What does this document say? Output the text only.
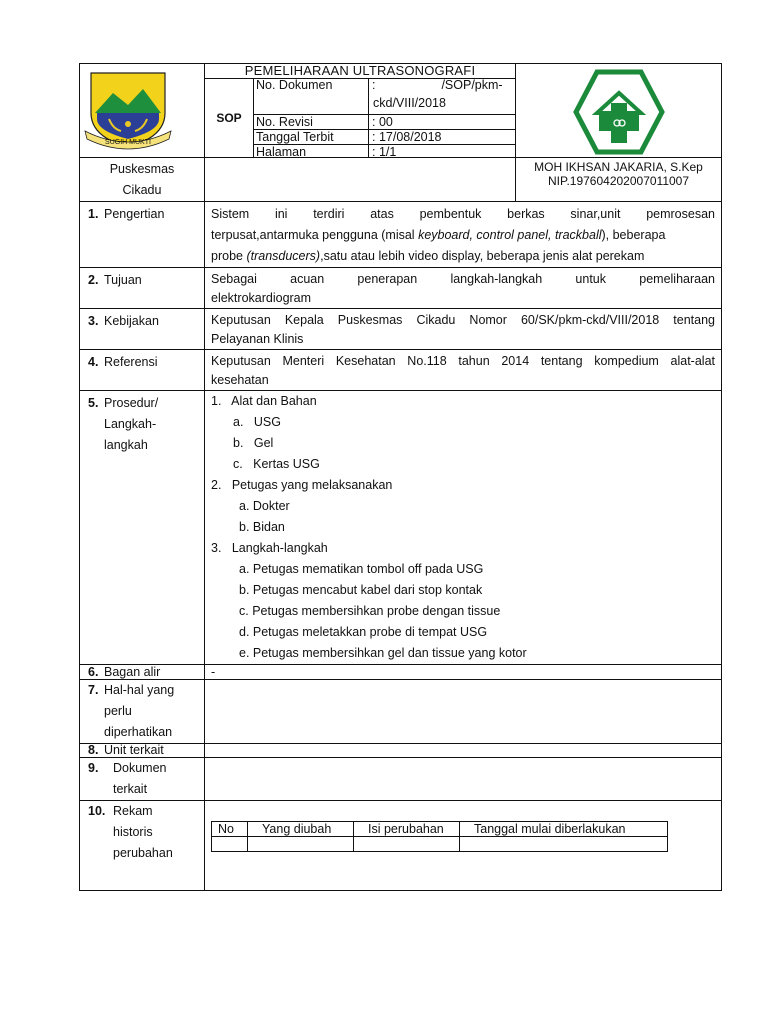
SUGIH MUKTI

PEMELIHARAAN ULTRASONOGRAFI
SOP
No. Dokumen	:                   /SOP/pkm-
ckd/VIII/2018
No. Revisi	: 00
Tanggal Terbit	: 17/08/2018
Halaman	: 1/1

Puskesmas
Cikadu

MOH IKHSAN JAKARIA, S.Kep
NIP.197604202007011007

1. Pengertian	Sistem ini terdiri atas pembentuk berkas sinar,unit pemrosesan
terpusat,antarmuka pengguna (misal keyboard, control panel, trackball), beberapa
probe (transducers),satu atau lebih video display, beberapa jenis alat perekam

2. Tujuan	Sebagai acuan penerapan langkah-langkah untuk pemeliharaan
elektrokardiogram

3. Kebijakan	Keputusan Kepala Puskesmas Cikadu Nomor 60/SK/pkm-ckd/VIII/2018 tentang
Pelayanan Klinis

4. Referensi	Keputusan Menteri Kesehatan No.118 tahun 2014 tentang kompedium alat-alat
kesehatan

5. Prosedur/
Langkah-
langkah

1.   Alat dan Bahan
a.   USG
b.   Gel
c.   Kertas USG
2.   Petugas yang melaksanakan
a. Dokter
b. Bidan
3.   Langkah-langkah
a. Petugas mematikan tombol off pada USG
b. Petugas mencabut kabel dari stop kontak
c. Petugas membersihkan probe dengan tissue
d. Petugas meletakkan probe di tempat USG
e. Petugas membersihkan gel dan tissue yang kotor

6. Bagan alir	-

7. Hal-hal yang
perlu
diperhatikan

8. Unit terkait

9.	Dokumen
terkait

10. Rekam
historis
perubahan

No	Yang diubah	Isi perubahan	Tanggal mulai diberlakukan
